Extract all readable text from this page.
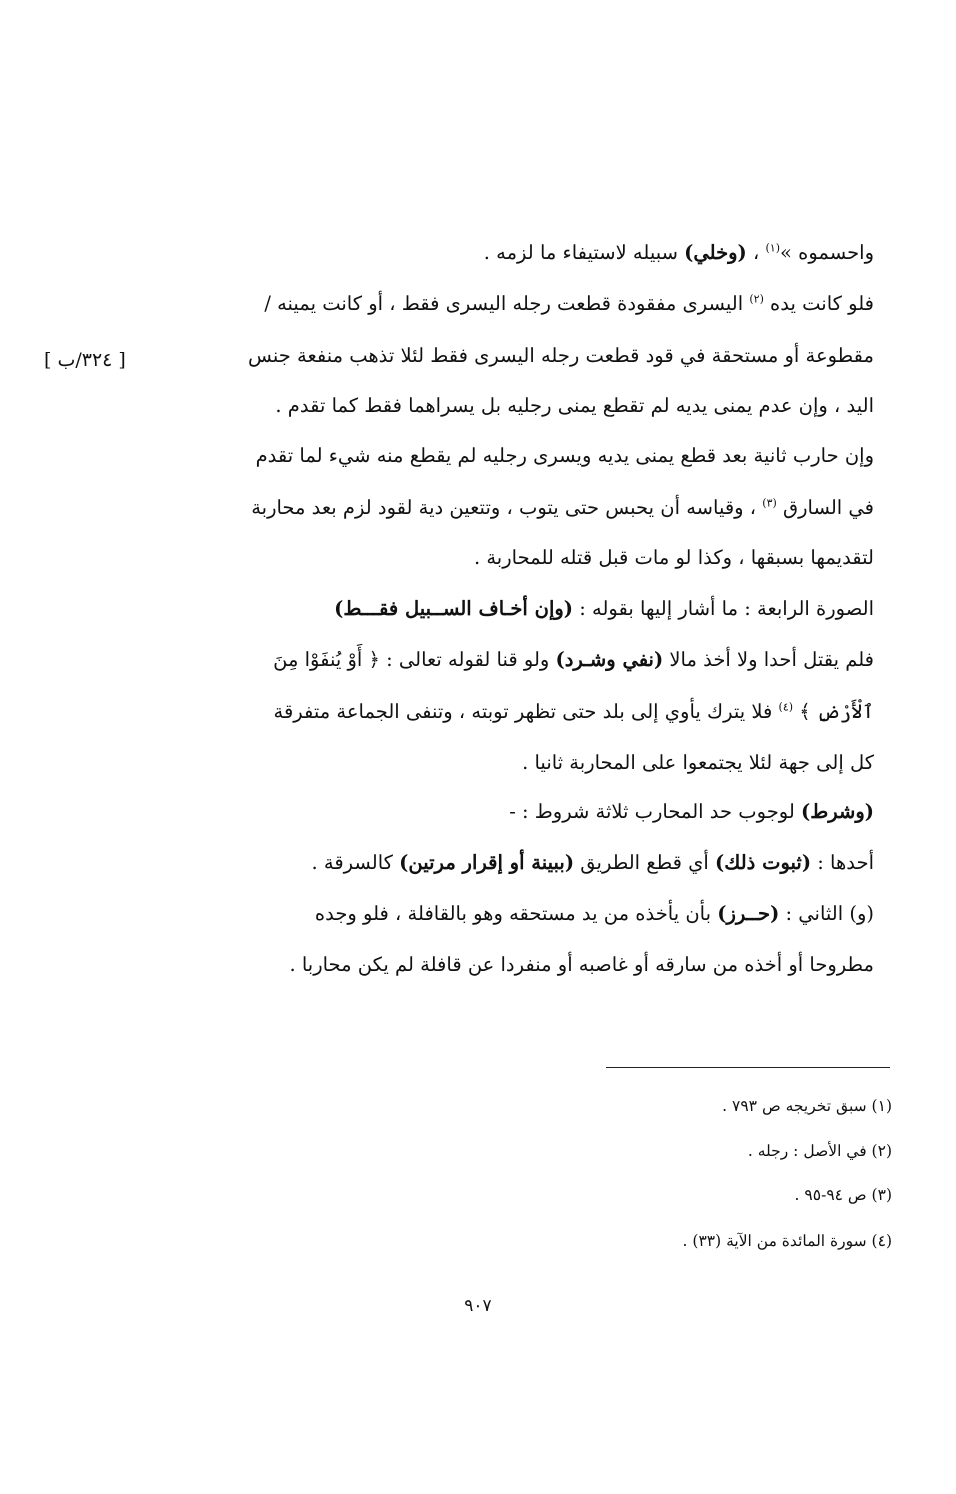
واحسموه »$^{(١)}$ ، (وخلي) سبيله لاستيفاء ما لزمه .
فلو كانت يده $^{(٢)}$ اليسرى مفقودة قطعت رجله اليسرى فقط ، أو كانت يمينه /
مقطوعة أو مستحقة في قود قطعت رجله اليسرى فقط لئلا تذهب منفعة جنس
[ ٣٢٤/ب ]
اليد ، وإن عدم يمنى يديه لم تقطع يمنى رجليه بل يسراهما فقط كما تقدم .
وإن حارب ثانية بعد قطع يمنى يديه ويسرى رجليه لم يقطع منه شيء لما تقدم
في السارق $^{(٣)}$ ، وقياسه أن يحبس حتى يتوب ، وتتعين دية لقود لزم بعد محاربة
لتقديمها بسبقها ، وكذا لو مات قبل قتله للمحاربة .
الصورة الرابعة : ما أشار إليها بقوله : (وإن أخـاف الســبيل فقـــط)
فلم يقتل أحدا ولا أخذ مالا (نفي وشـرد) ولو قنا لقوله تعالى : ﴿ أَوْ يُنفَوْا مِنَ
ٱلْأَرْضِ ﴾ $^{(٤)}$ فلا يترك يأوي إلى بلد حتى تظهر توبته ، وتنفى الجماعة متفرقة
كل إلى جهة لئلا يجتمعوا على المحاربة ثانيا .
(وشرط) لوجوب حد المحارب ثلاثة شروط : -
أحدها : (ثبوت ذلك) أي قطع الطريق (ببينة أو إقرار مرتين) كالسرقة .
(و) الثاني : (حــرز) بأن يأخذه من يد مستحقه وهو بالقافلة ، فلو وجده
مطروحا أو أخذه من سارقه أو غاصبه أو منفردا عن قافلة لم يكن محاربا .
(١) سبق تخريجه ص ٧٩٣ .
(٢) في الأصل : رجله .
(٣) ص ٩٤-٩٥ .
(٤) سورة المائدة من الآية (٣٣) .
٩٠٧
